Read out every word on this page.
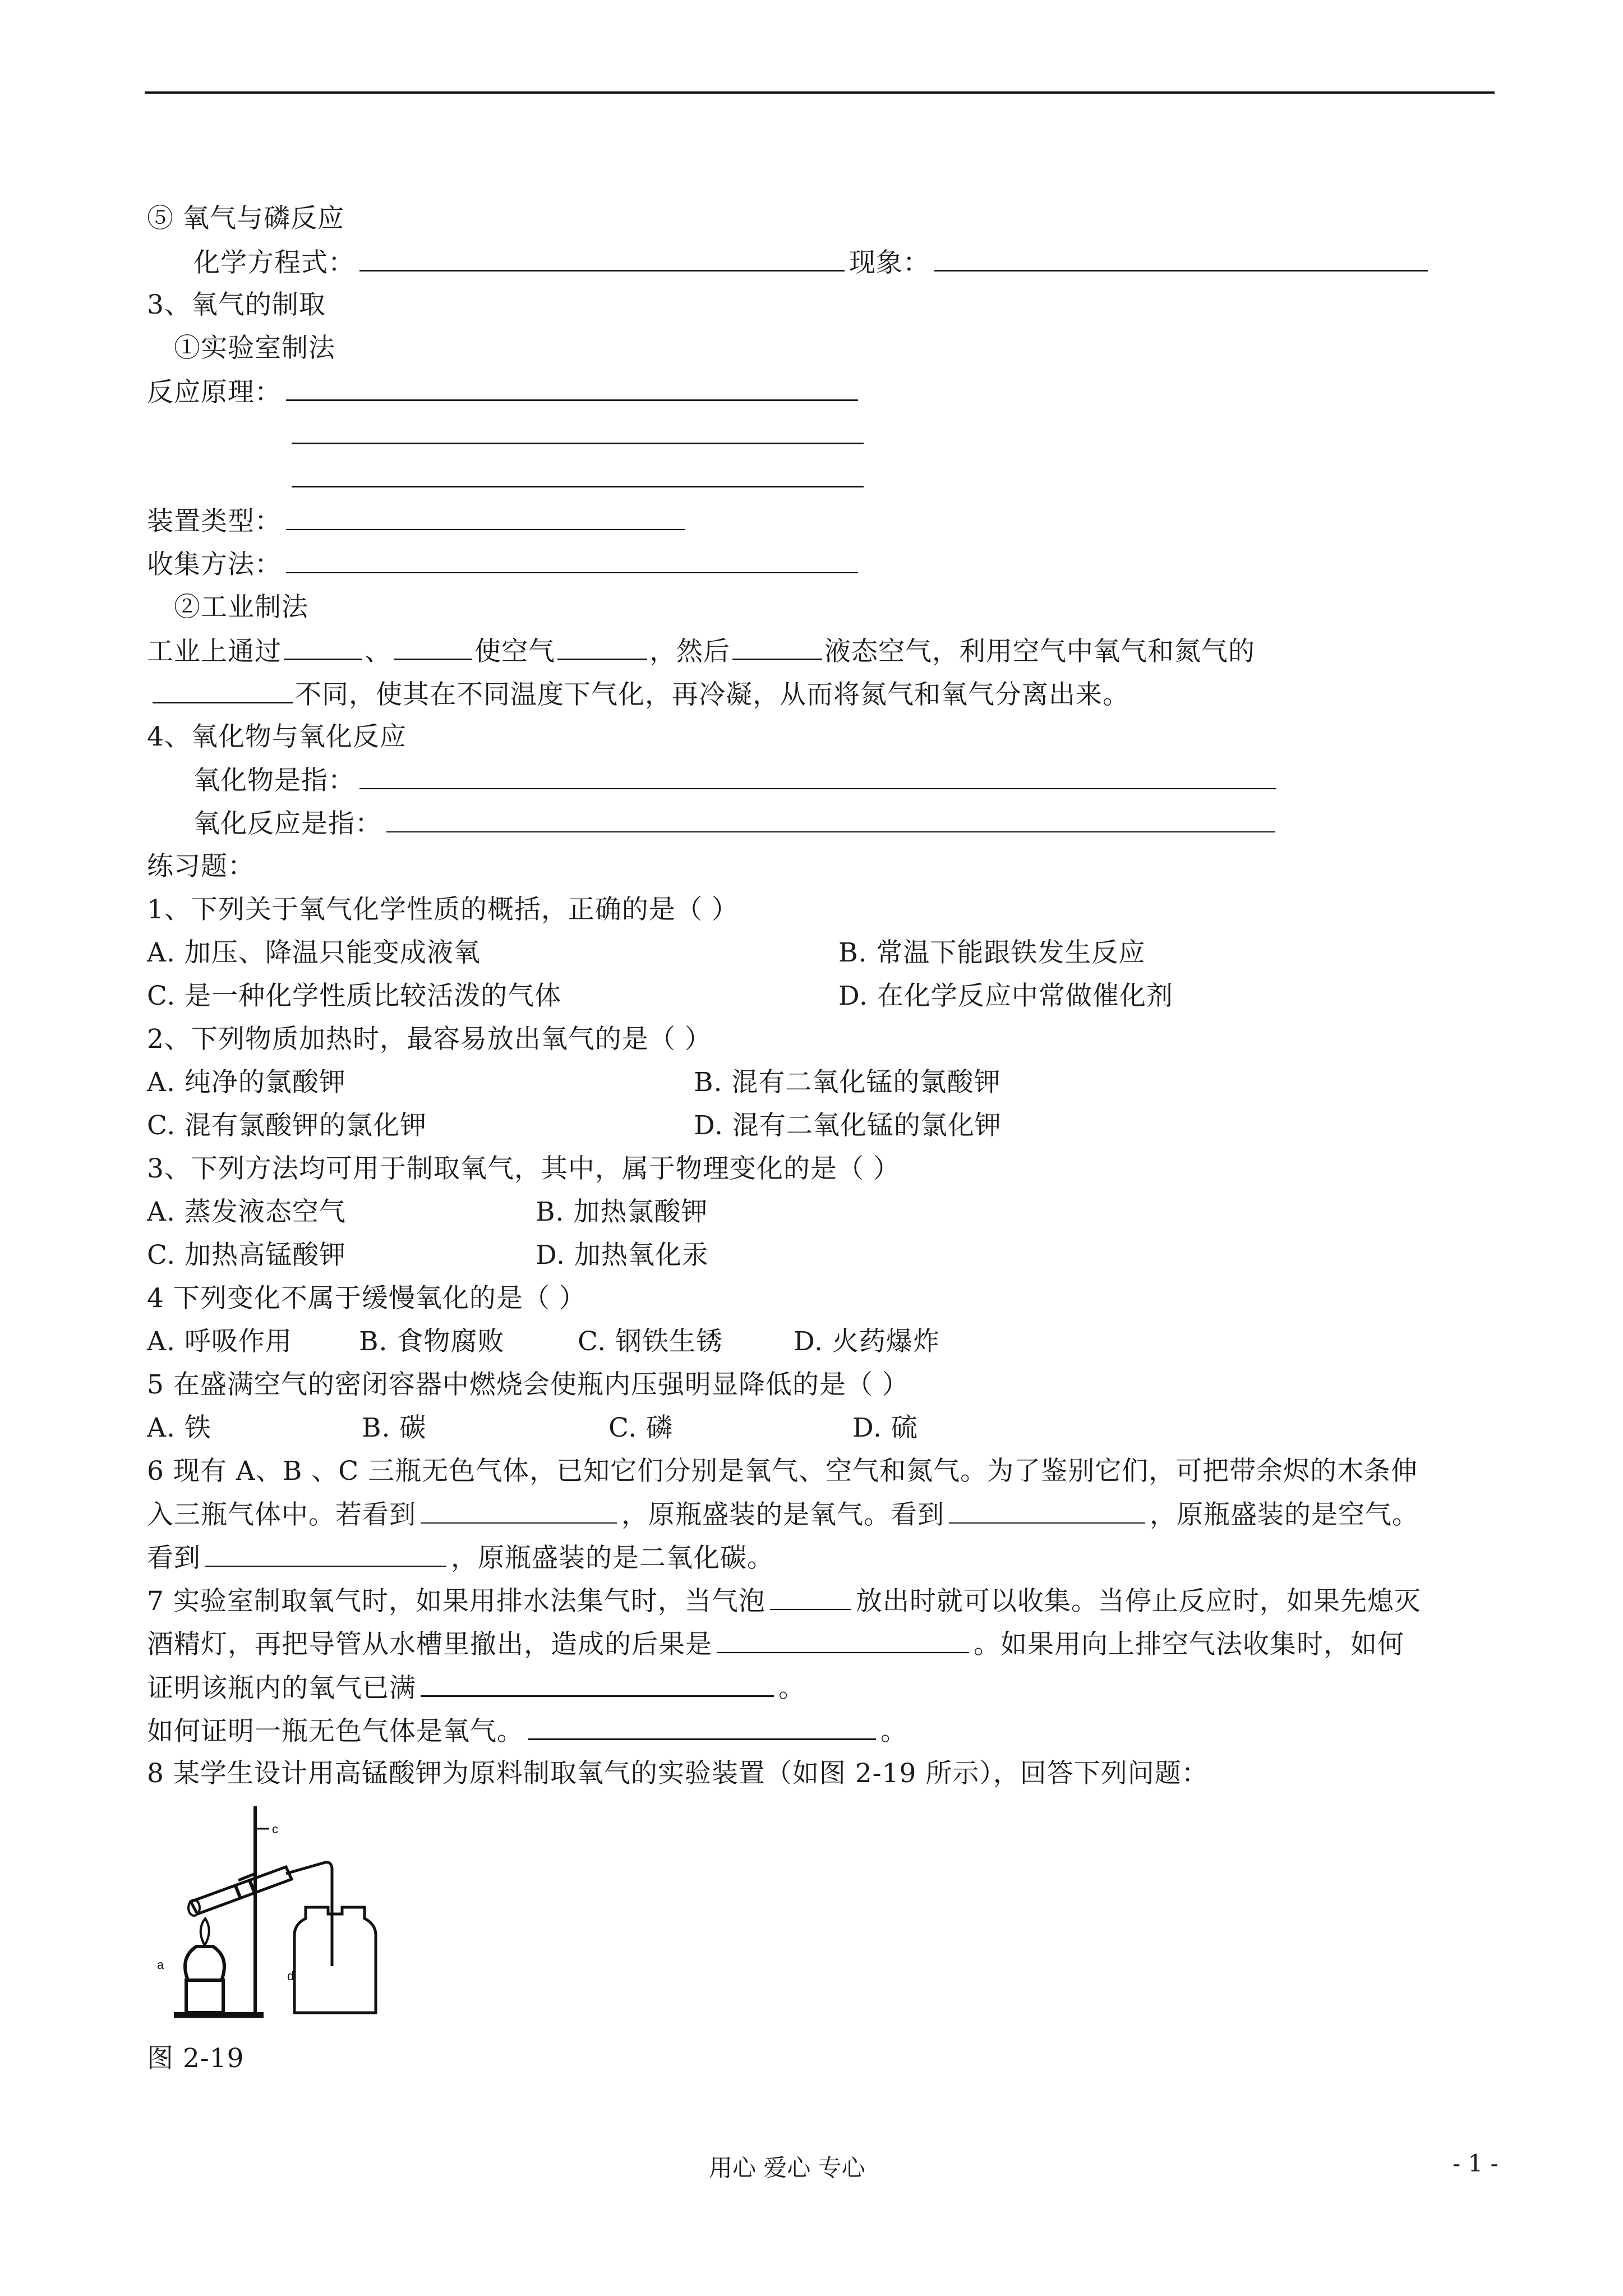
⑤ 氧气与磷反应
化学方程式：	现象：
3、氧气的制取
①实验室制法
反应原理：
装置类型：
收集方法：
②工业制法
工业上通过	、	使空气	，然后	液态空气，利用空气中氧气和氮气的
不同，使其在不同温度下气化，再冷凝，从而将氮气和氧气分离出来。
4、氧化物与氧化反应
氧化物是指：
氧化反应是指：
练习题：
1、下列关于氧气化学性质的概括，正确的是（ ）
A. 加压、降温只能变成液氧	B. 常温下能跟铁发生反应
C. 是一种化学性质比较活泼的气体	D. 在化学反应中常做催化剂
2、下列物质加热时，最容易放出氧气的是（ ）
A. 纯净的氯酸钾	B. 混有二氧化锰的氯酸钾
C. 混有氯酸钾的氯化钾	D. 混有二氧化锰的氯化钾
3、下列方法均可用于制取氧气，其中，属于物理变化的是（ ）
A. 蒸发液态空气	B. 加热氯酸钾
C. 加热高锰酸钾	D. 加热氧化汞
4 下列变化不属于缓慢氧化的是（ ）
A. 呼吸作用	B. 食物腐败	C. 钢铁生锈	D. 火药爆炸
5 在盛满空气的密闭容器中燃烧会使瓶内压强明显降低的是（ ）
A. 铁	B. 碳	C. 磷	D. 硫
6 现有 A、B 、C 三瓶无色气体，已知它们分别是氧气、空气和氮气。为了鉴别它们，可把带余烬的木条伸
入三瓶气体中。若看到	，原瓶盛装的是氧气。看到	，原瓶盛装的是空气。
看到	，原瓶盛装的是二氧化碳。
7 实验室制取氧气时，如果用排水法集气时，当气泡	放出时就可以收集。当停止反应时，如果先熄灭
酒精灯，再把导管从水槽里撤出，造成的后果是	。如果用向上排空气法收集时，如何
证明该瓶内的氧气已满	。
如何证明一瓶无色气体是氧气。	。
8 某学生设计用高锰酸钾为原料制取氧气的实验装置（如图 2-19 所示），回答下列问题：
c
d
a
图 2-19
用心 爱心 专心	- 1 -
